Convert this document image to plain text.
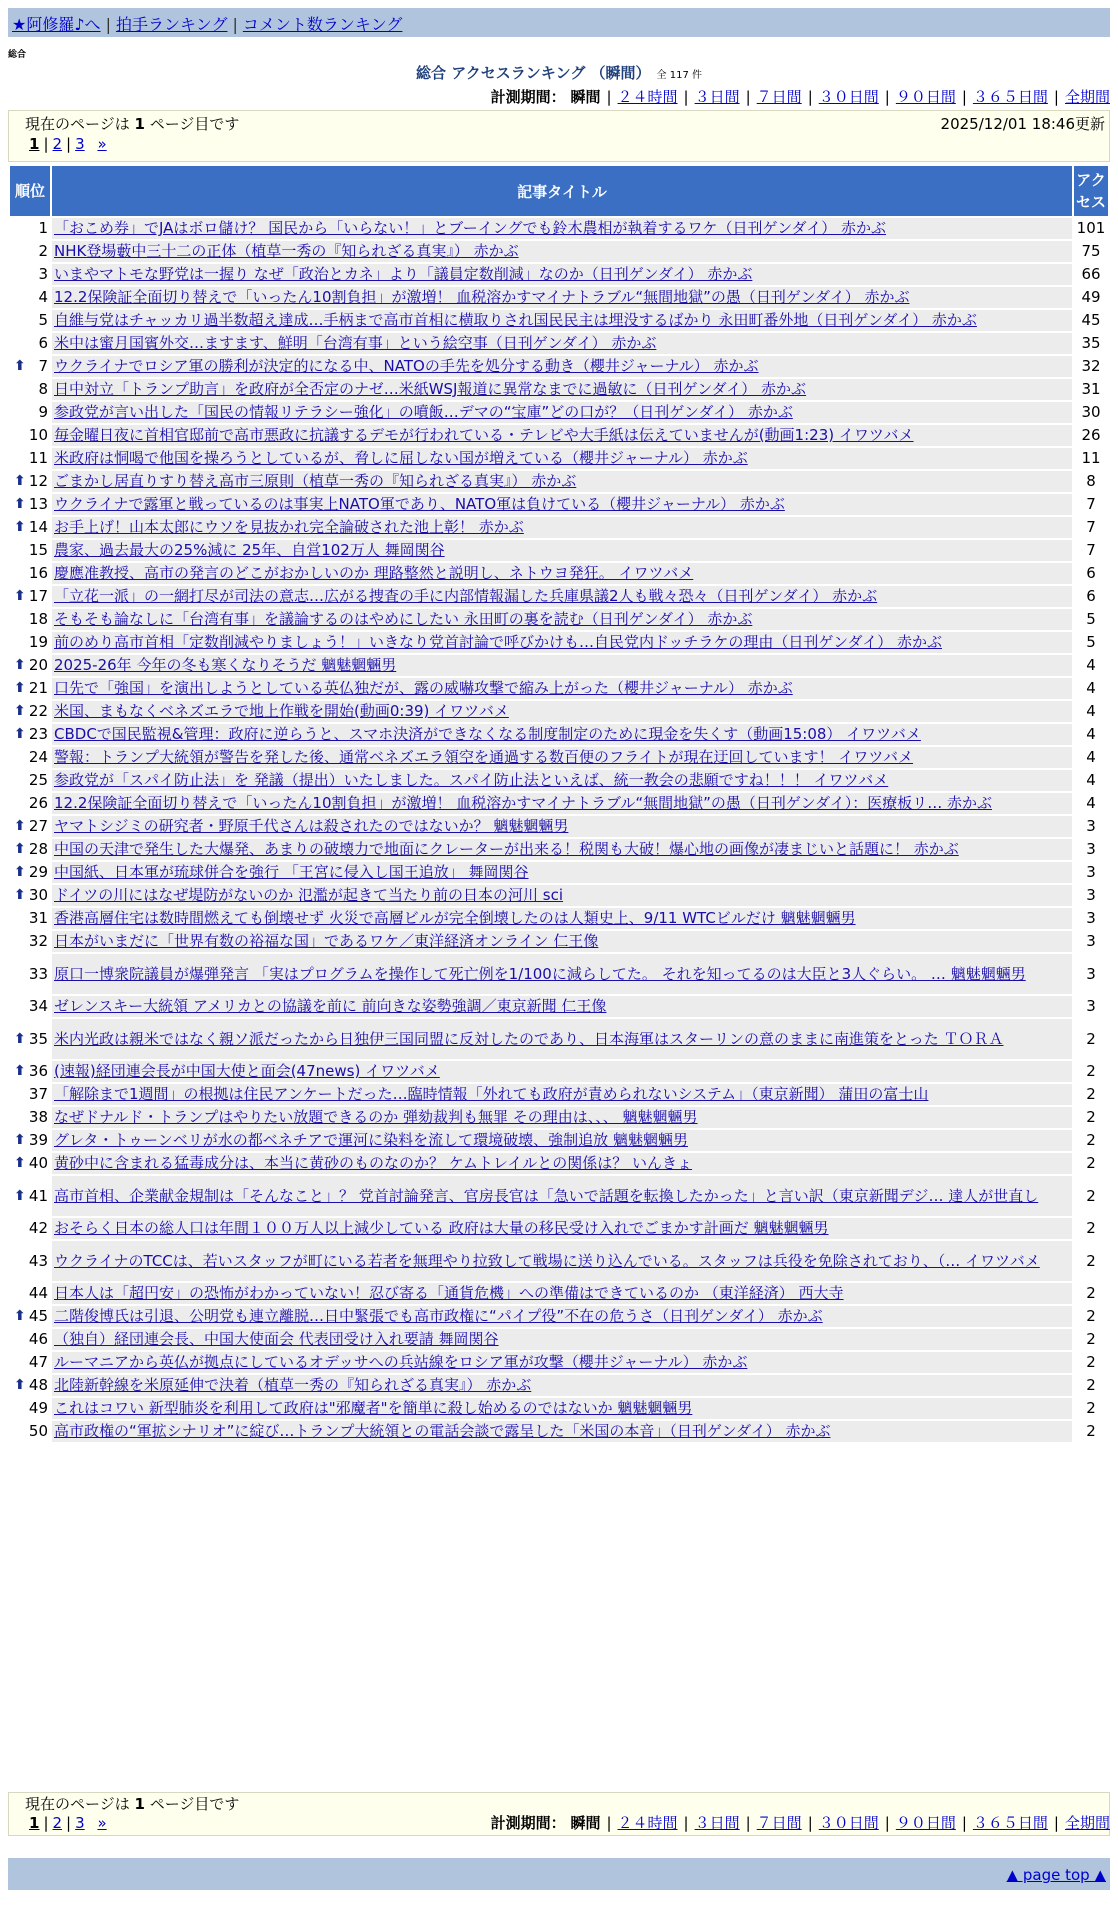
★阿修羅♪へ | 拍手ランキング | コメント数ランキング
総合
総合 アクセスランキング （瞬間） 全 117 件
計測期間： 瞬間 | ２４時間 | ３日間 | ７日間 | ３０日間 | ９０日間 | ３６５日間 | 全期間
現在のページは 1 ページ目です	2025/12/01 18:46更新
1 | 2 | 3 »
順位	記事タイトル	アクセス
1	「おこめ券」でJAはボロ儲け？ 国民から「いらない！」とブーイングでも鈴木農相が執着するワケ（日刊ゲンダイ） 赤かぶ	101
2	NHK登場藪中三十二の正体（植草一秀の『知られざる真実』） 赤かぶ	75
3	いまやマトモな野党は一握り なぜ「政治とカネ」より「議員定数削減」なのか（日刊ゲンダイ） 赤かぶ	66
4	12.2保険証全面切り替えで「いったん10割負担」が激増！ 血税溶かすマイナトラブル“無間地獄”の愚（日刊ゲンダイ） 赤かぶ	49
5	自維与党はチャッカリ過半数超え達成…手柄まで高市首相に横取りされ国民民主は埋没するばかり 永田町番外地（日刊ゲンダイ） 赤かぶ	45
6	米中は蜜月国賓外交…ますます、鮮明「台湾有事」という絵空事（日刊ゲンダイ） 赤かぶ	35

⬆ 7	ウクライナでロシア軍の勝利が決定的になる中、NATOの手先を処分する動き（櫻井ジャーナル） 赤かぶ	32
8	日中対立「トランプ助言」を政府が全否定のナゼ…米紙WSJ報道に異常なまでに過敏に（日刊ゲンダイ） 赤かぶ	31
9	参政党が言い出した「国民の情報リテラシー強化」の噴飯…デマの“宝庫”どの口が？（日刊ゲンダイ） 赤かぶ	30
10	毎金曜日夜に首相官邸前で高市悪政に抗議するデモが行われている・テレビや大手紙は伝えていませんが(動画1:23) イワツバメ	26
11	米政府は恫喝で他国を操ろうとしているが、脅しに屈しない国が増えている（櫻井ジャーナル） 赤かぶ	11

⬆ 12	ごまかし居直りすり替え高市三原則（植草一秀の『知られざる真実』） 赤かぶ	8

⬆ 13	ウクライナで露軍と戦っているのは事実上NATO軍であり、NATO軍は負けている（櫻井ジャーナル） 赤かぶ	7

⬆ 14	お手上げ！山本太郎にウソを見抜かれ完全論破された池上彰！ 赤かぶ	7
15	農家、過去最大の25%減に 25年、自営102万人 舞岡関谷	7
16	慶應准教授、高市の発言のどこがおかしいのか 理路整然と説明し、ネトウヨ発狂。 イワツバメ	6

⬆ 17	「立花一派」の一網打尽が司法の意志…広がる捜査の手に内部情報漏した兵庫県議2人も戦々恐々（日刊ゲンダイ） 赤かぶ	6
18	そもそも論なしに「台湾有事」を議論するのはやめにしたい 永田町の裏を読む（日刊ゲンダイ） 赤かぶ	5
19	前のめり高市首相「定数削減やりましょう！」いきなり党首討論で呼びかけも…自民党内ドッチラケの理由（日刊ゲンダイ） 赤かぶ	5

⬆ 20	2025-26年 今年の冬も寒くなりそうだ 魑魅魍魎男	4

⬆ 21	口先で「強国」を演出しようとしている英仏独だが、露の威嚇攻撃で縮み上がった（櫻井ジャーナル） 赤かぶ	4

⬆ 22	米国、まもなくベネズエラで地上作戦を開始(動画0:39) イワツバメ	4

⬆ 23	CBDCで国民監視&管理：政府に逆らうと、スマホ決済ができなくなる制度制定のために現金を失くす（動画15:08） イワツバメ	4
24	警報：トランプ大統領が警告を発した後、通常ベネズエラ領空を通過する数百便のフライトが現在迂回しています！ イワツバメ	4
25	参政党が「スパイ防止法」を 発議（提出）いたしました。スパイ防止法といえば、統一教会の悲願ですね！！！ イワツバメ	4
26	12.2保険証全面切り替えで「いったん10割負担」が激増！ 血税溶かすマイナトラブル“無間地獄”の愚（日刊ゲンダイ）：医療板リ… 赤かぶ	4

⬆ 27	ヤマトシジミの研究者・野原千代さんは殺されたのではないか？ 魑魅魍魎男	3

⬆ 28	中国の天津で発生した大爆発、あまりの破壊力で地面にクレーターが出来る！税関も大破！爆心地の画像が凄まじいと話題に！ 赤かぶ	3

⬆ 29	中国紙、日本軍が琉球併合を強行 「王宮に侵入し国王追放」 舞岡関谷	3

⬆ 30	ドイツの川にはなぜ堤防がないのか 氾濫が起きて当たり前の日本の河川 sci	3
31	香港高層住宅は数時間燃えても倒壊せず 火災で高層ビルが完全倒壊したのは人類史上、9/11 WTCビルだけ 魑魅魍魎男	3
32	日本がいまだに「世界有数の裕福な国」であるワケ／東洋経済オンライン 仁王像	3
33	原口一博衆院議員が爆弾発言 「実はプログラムを操作して死亡例を1/100に減らしてた。 それを知ってるのは大臣と3人ぐらい。 … 魑魅魍魎男	3
34	ゼレンスキー大統領 アメリカとの協議を前に 前向きな姿勢強調／東京新聞 仁王像	3

⬆ 35	米内光政は親米ではなく親ソ派だったから日独伊三国同盟に反対したのであり、日本海軍はスターリンの意のままに南進策をとった ＴＯＲＡ	2

⬆ 36	(速報)経団連会長が中国大使と面会(47news) イワツバメ	2
37	「解除まで1週間」の根拠は住民アンケートだった…臨時情報「外れても政府が責められないシステム」（東京新聞） 蒲田の富士山	2
38	なぜドナルド・トランプはやりたい放題できるのか 弾劾裁判も無罪 その理由は、、、 魑魅魍魎男	2

⬆ 39	グレタ・トゥーンベリが水の都ベネチアで運河に染料を流して環境破壊、強制追放 魑魅魍魎男	2

⬆ 40	黄砂中に含まれる猛毒成分は、本当に黄砂のものなのか？ ケムトレイルとの関係は？ いんきょ	2

⬆ 41	高市首相、企業献金規制は「そんなこと」？ 党首討論発言、官房長官は「急いで話題を転換したかった」と言い訳（東京新聞デジ… 達人が世直し	2
42	おそらく日本の総人口は年間１００万人以上減少している 政府は大量の移民受け入れでごまかす計画だ 魑魅魍魎男	2
43	ウクライナのTCCは、若いスタッフが町にいる若者を無理やり拉致して戦場に送り込んでいる。スタッフは兵役を免除されており、（… イワツバメ	2
44	日本人は「超円安」の恐怖がわかっていない！忍び寄る「通貨危機」への準備はできているのか （東洋経済） 西大寺	2

⬆ 45	二階俊博氏は引退、公明党も連立離脱…日中緊張でも高市政権に“パイプ役”不在の危うさ（日刊ゲンダイ） 赤かぶ	2
46	（独自）経団連会長、中国大使面会 代表団受け入れ要請 舞岡関谷	2
47	ルーマニアから英仏が拠点にしているオデッサへの兵站線をロシア軍が攻撃（櫻井ジャーナル） 赤かぶ	2

⬆ 48	北陸新幹線を米原延伸で決着（植草一秀の『知られざる真実』） 赤かぶ	2
49	これはコワい 新型肺炎を利用して政府は"邪魔者"を簡単に殺し始めるのではないか 魑魅魍魎男	2
50	高市政権の“軍拡シナリオ”に綻び…トランプ大統領との電話会談で露呈した「米国の本音」（日刊ゲンダイ） 赤かぶ	2
現在のページは 1 ページ目です
1 | 2 | 3 »	計測期間： 瞬間 | ２４時間 | ３日間 | ７日間 | ３０日間 | ９０日間 | ３６５日間 | 全期間
▲ page top ▲
